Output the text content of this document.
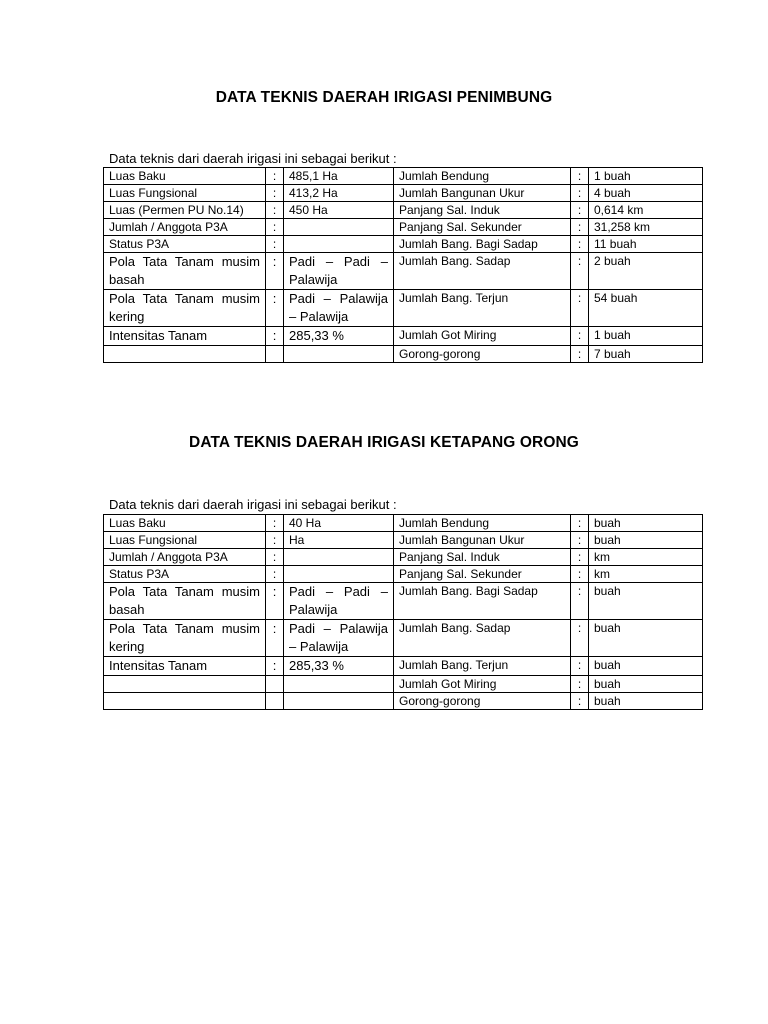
DATA TEKNIS DAERAH IRIGASI PENIMBUNG
Data teknis dari daerah irigasi ini sebagai berikut :
Luas Baku	:	485,1 Ha	Jumlah Bendung	:	1 buah
Luas Fungsional	:	413,2 Ha	Jumlah Bangunan Ukur	:	4 buah
Luas (Permen PU No.14)	:	450 Ha	Panjang Sal. Induk	:	0,614 km
Jumlah / Anggota P3A	:		Panjang Sal. Sekunder	:	31,258 km
Status P3A	:		Jumlah Bang. Bagi Sadap	:	11 buah
Pola Tata Tanam musim basah	:	Padi – Padi – Palawija	Jumlah Bang. Sadap	:	2 buah
Pola Tata Tanam musim kering	:	Padi – Palawija – Palawija	Jumlah Bang. Terjun	:	54 buah
Intensitas Tanam	:	285,33 %	Jumlah Got Miring	:	1 buah
			Gorong-gorong	:	7 buah
DATA TEKNIS DAERAH IRIGASI KETAPANG ORONG
Data teknis dari daerah irigasi ini sebagai berikut :
Luas Baku	:	40 Ha	Jumlah Bendung	:	buah
Luas Fungsional	:	Ha	Jumlah Bangunan Ukur	:	buah
Jumlah / Anggota P3A	:		Panjang Sal. Induk	:	km
Status P3A	:		Panjang Sal. Sekunder	:	km
Pola Tata Tanam musim basah	:	Padi – Padi – Palawija	Jumlah Bang. Bagi Sadap	:	buah
Pola Tata Tanam musim kering	:	Padi – Palawija – Palawija	Jumlah Bang. Sadap	:	buah
Intensitas Tanam	:	285,33 %	Jumlah Bang. Terjun	:	buah
			Jumlah Got Miring	:	buah
			Gorong-gorong	:	buah
